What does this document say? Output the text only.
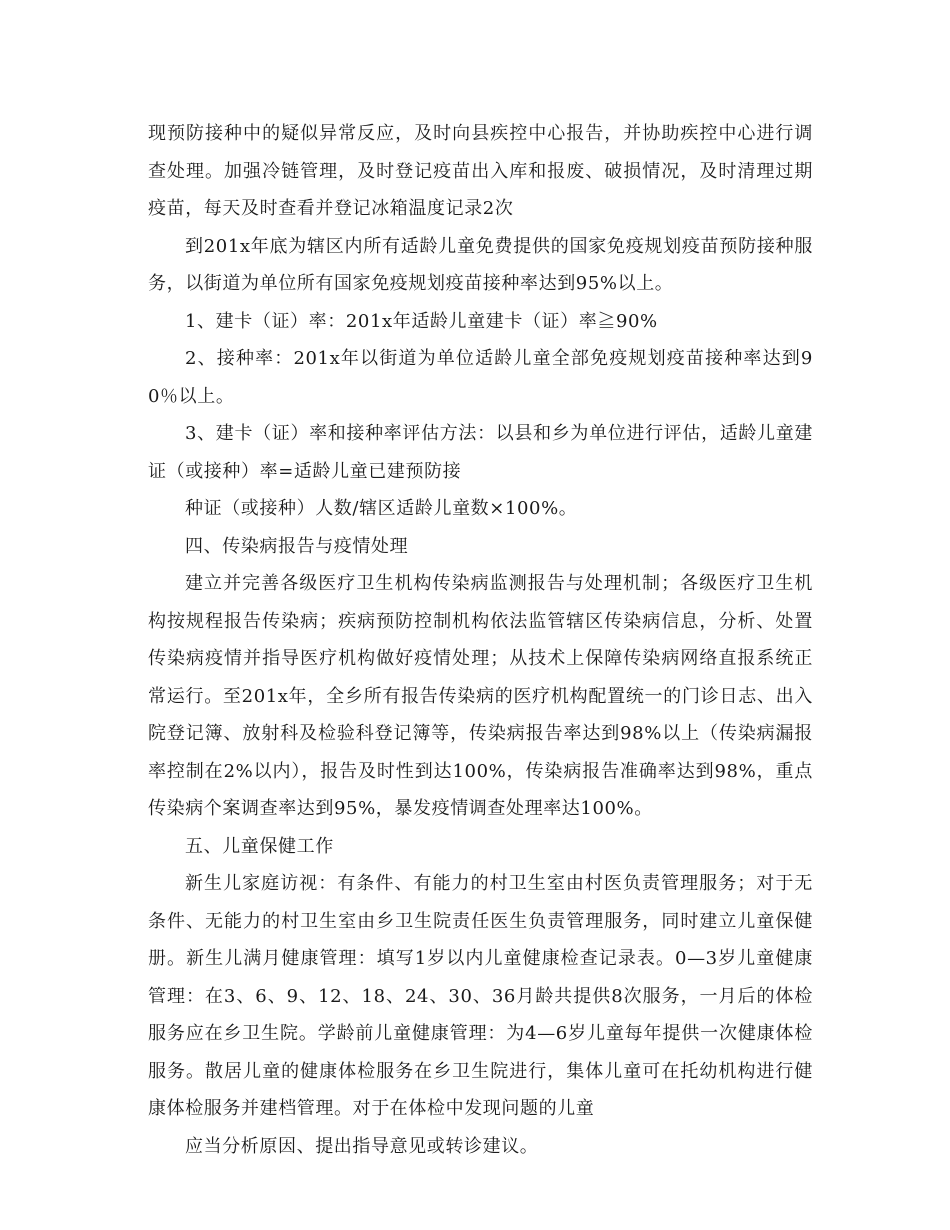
现预防接种中的疑似异常反应，及时向县疾控中心报告，并协助疾控中心进行调查处理。加强冷链管理，及时登记疫苗出入库和报废、破损情况，及时清理过期疫苗，每天及时查看并登记冰箱温度记录2次

到201x年底为辖区内所有适龄儿童免费提供的国家免疫规划疫苗预防接种服务，以街道为单位所有国家免疫规划疫苗接种率达到95%以上。

1、建卡（证）率：201x年适龄儿童建卡（证）率≧90%

2、接种率：201x年以街道为单位适龄儿童全部免疫规划疫苗接种率达到90％以上。

3、建卡（证）率和接种率评估方法：以县和乡为单位进行评估，适龄儿童建证（或接种）率=适龄儿童已建预防接

种证（或接种）人数/辖区适龄儿童数×100%。

四、传染病报告与疫情处理

建立并完善各级医疗卫生机构传染病监测报告与处理机制；各级医疗卫生机构按规程报告传染病；疾病预防控制机构依法监管辖区传染病信息，分析、处置传染病疫情并指导医疗机构做好疫情处理；从技术上保障传染病网络直报系统正常运行。至201x年，全乡所有报告传染病的医疗机构配置统一的门诊日志、出入院登记簿、放射科及检验科登记簿等，传染病报告率达到98%以上（传染病漏报率控制在2%以内），报告及时性到达100%，传染病报告准确率达到98%，重点传染病个案调查率达到95%，暴发疫情调查处理率达100%。

五、儿童保健工作

新生儿家庭访视：有条件、有能力的村卫生室由村医负责管理服务；对于无条件、无能力的村卫生室由乡卫生院责任医生负责管理服务，同时建立儿童保健册。新生儿满月健康管理：填写1岁以内儿童健康检查记录表。0—3岁儿童健康管理：在3、6、9、12、18、24、30、36月龄共提供8次服务，一月后的体检服务应在乡卫生院。学龄前儿童健康管理：为4—6岁儿童每年提供一次健康体检服务。散居儿童的健康体检服务在乡卫生院进行，集体儿童可在托幼机构进行健康体检服务并建档管理。对于在体检中发现问题的儿童

应当分析原因、提出指导意见或转诊建议。
